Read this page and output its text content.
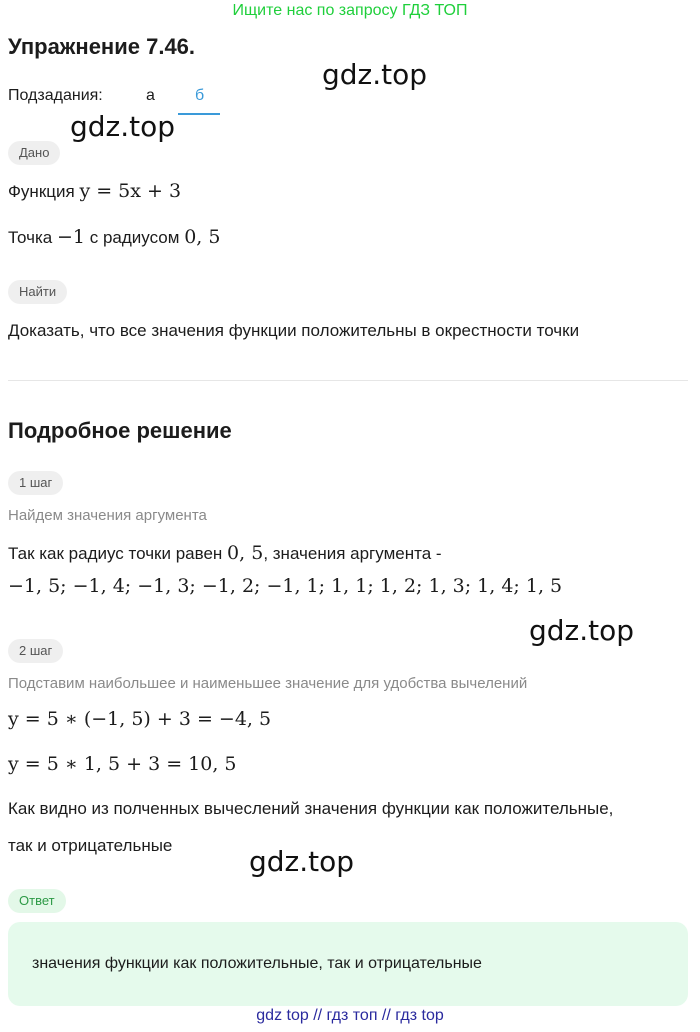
Ищите нас по запросу ГДЗ ТОП
Упражнение 7.46.
gdz.top
Подзадания:	а	б
gdz.top
Дано
Функция y = 5x + 3
Точка −1 с радиусом 0, 5
Найти
Доказать, что все значения функции положительны в окрестности точки
Подробное решение
1 шаг
Найдем значения аргумента
Так как радиус точки равен 0, 5, значения аргумента -
−1, 5; −1, 4; −1, 3; −1, 2; −1, 1; 1, 1; 1, 2; 1, 3; 1, 4; 1, 5
gdz.top
2 шаг
Подставим наибольшее и наименьшее значение для удобства вычелений
y = 5 ∗ (−1, 5) + 3 = −4, 5
y = 5 ∗ 1, 5 + 3 = 10, 5
Как видно из полченных вычеслений значения функции как положительные,
так и отрицательные	gdz.top
Ответ
значения функции как положительные, так и отрицательные
gdz top // гдз топ // гдз top
